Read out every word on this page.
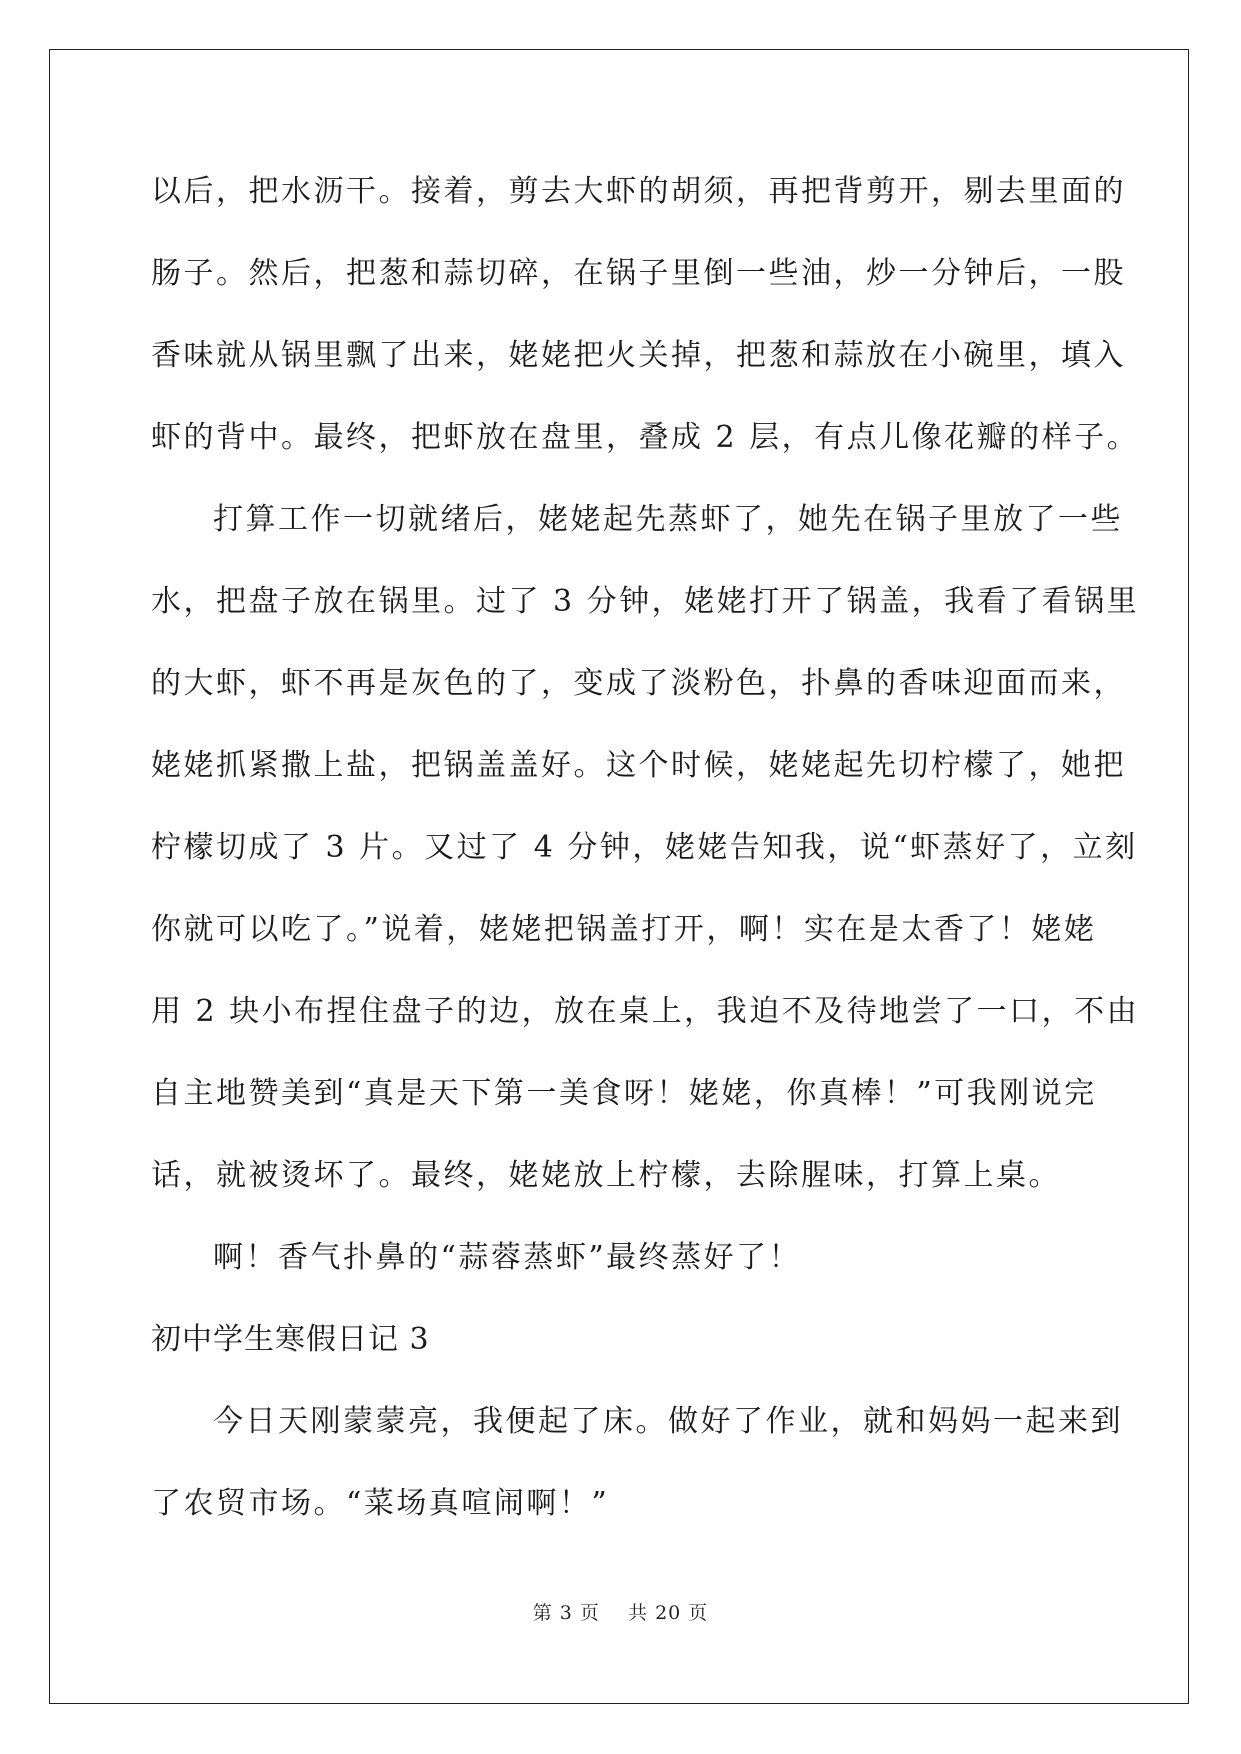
以后，把水沥干。接着，剪去大虾的胡须，再把背剪开，剔去里面的
肠子。然后，把葱和蒜切碎，在锅子里倒一些油，炒一分钟后，一股
香味就从锅里飘了出来，姥姥把火关掉，把葱和蒜放在小碗里，填入
虾的背中。最终，把虾放在盘里，叠成 2 层，有点儿像花瓣的样子。
打算工作一切就绪后，姥姥起先蒸虾了，她先在锅子里放了一些
水，把盘子放在锅里。过了 3 分钟，姥姥打开了锅盖，我看了看锅里
的大虾，虾不再是灰色的了，变成了淡粉色，扑鼻的香味迎面而来，
姥姥抓紧撒上盐，把锅盖盖好。这个时候，姥姥起先切柠檬了，她把
柠檬切成了 3 片。又过了 4 分钟，姥姥告知我，说“虾蒸好了，立刻
你就可以吃了。”说着，姥姥把锅盖打开，啊！实在是太香了！姥姥
用 2 块小布捏住盘子的边，放在桌上，我迫不及待地尝了一口，不由
自主地赞美到“真是天下第一美食呀！姥姥，你真棒！”可我刚说完
话，就被烫坏了。最终，姥姥放上柠檬，去除腥味，打算上桌。
啊！香气扑鼻的“蒜蓉蒸虾”最终蒸好了！
初中学生寒假日记 3
今日天刚蒙蒙亮，我便起了床。做好了作业，就和妈妈一起来到
了农贸市场。“菜场真喧闹啊！”
第 3 页 共 20 页
